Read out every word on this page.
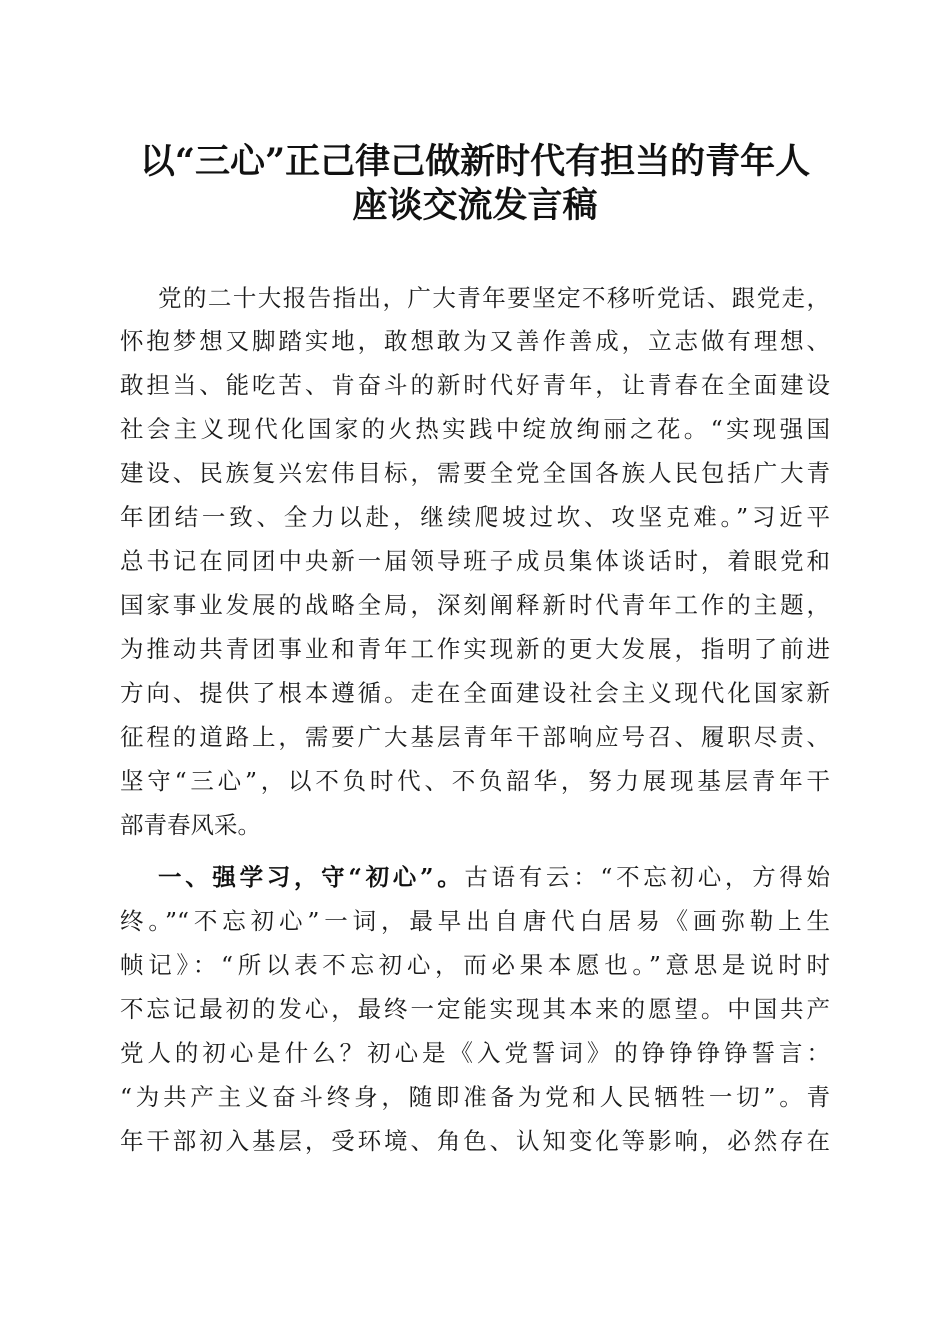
以“三心”正己律己做新时代有担当的青年人
座谈交流发言稿
党的二十大报告指出，广大青年要坚定不移听党话、跟党走，
怀抱梦想又脚踏实地，敢想敢为又善作善成，立志做有理想、
敢担当、能吃苦、肯奋斗的新时代好青年，让青春在全面建设
社会主义现代化国家的火热实践中绽放绚丽之花。“实现强国
建设、民族复兴宏伟目标，需要全党全国各族人民包括广大青
年团结一致、全力以赴，继续爬坡过坎、攻坚克难。”习近平
总书记在同团中央新一届领导班子成员集体谈话时，着眼党和
国家事业发展的战略全局，深刻阐释新时代青年工作的主题，
为推动共青团事业和青年工作实现新的更大发展，指明了前进
方向、提供了根本遵循。走在全面建设社会主义现代化国家新
征程的道路上，需要广大基层青年干部响应号召、履职尽责、
坚守“三心”，以不负时代、不负韶华，努力展现基层青年干
部青春风采。
一、强学习，守“初心”。古语有云：“不忘初心，方得始
终。”“不忘初心”一词，最早出自唐代白居易《画弥勒上生
帧记》：“所以表不忘初心，而必果本愿也。”意思是说时时
不忘记最初的发心，最终一定能实现其本来的愿望。中国共产
党人的初心是什么？初心是《入党誓词》的铮铮铮铮誓言：
“为共产主义奋斗终身，随即准备为党和人民牺牲一切”。青
年干部初入基层，受环境、角色、认知变化等影响，必然存在
